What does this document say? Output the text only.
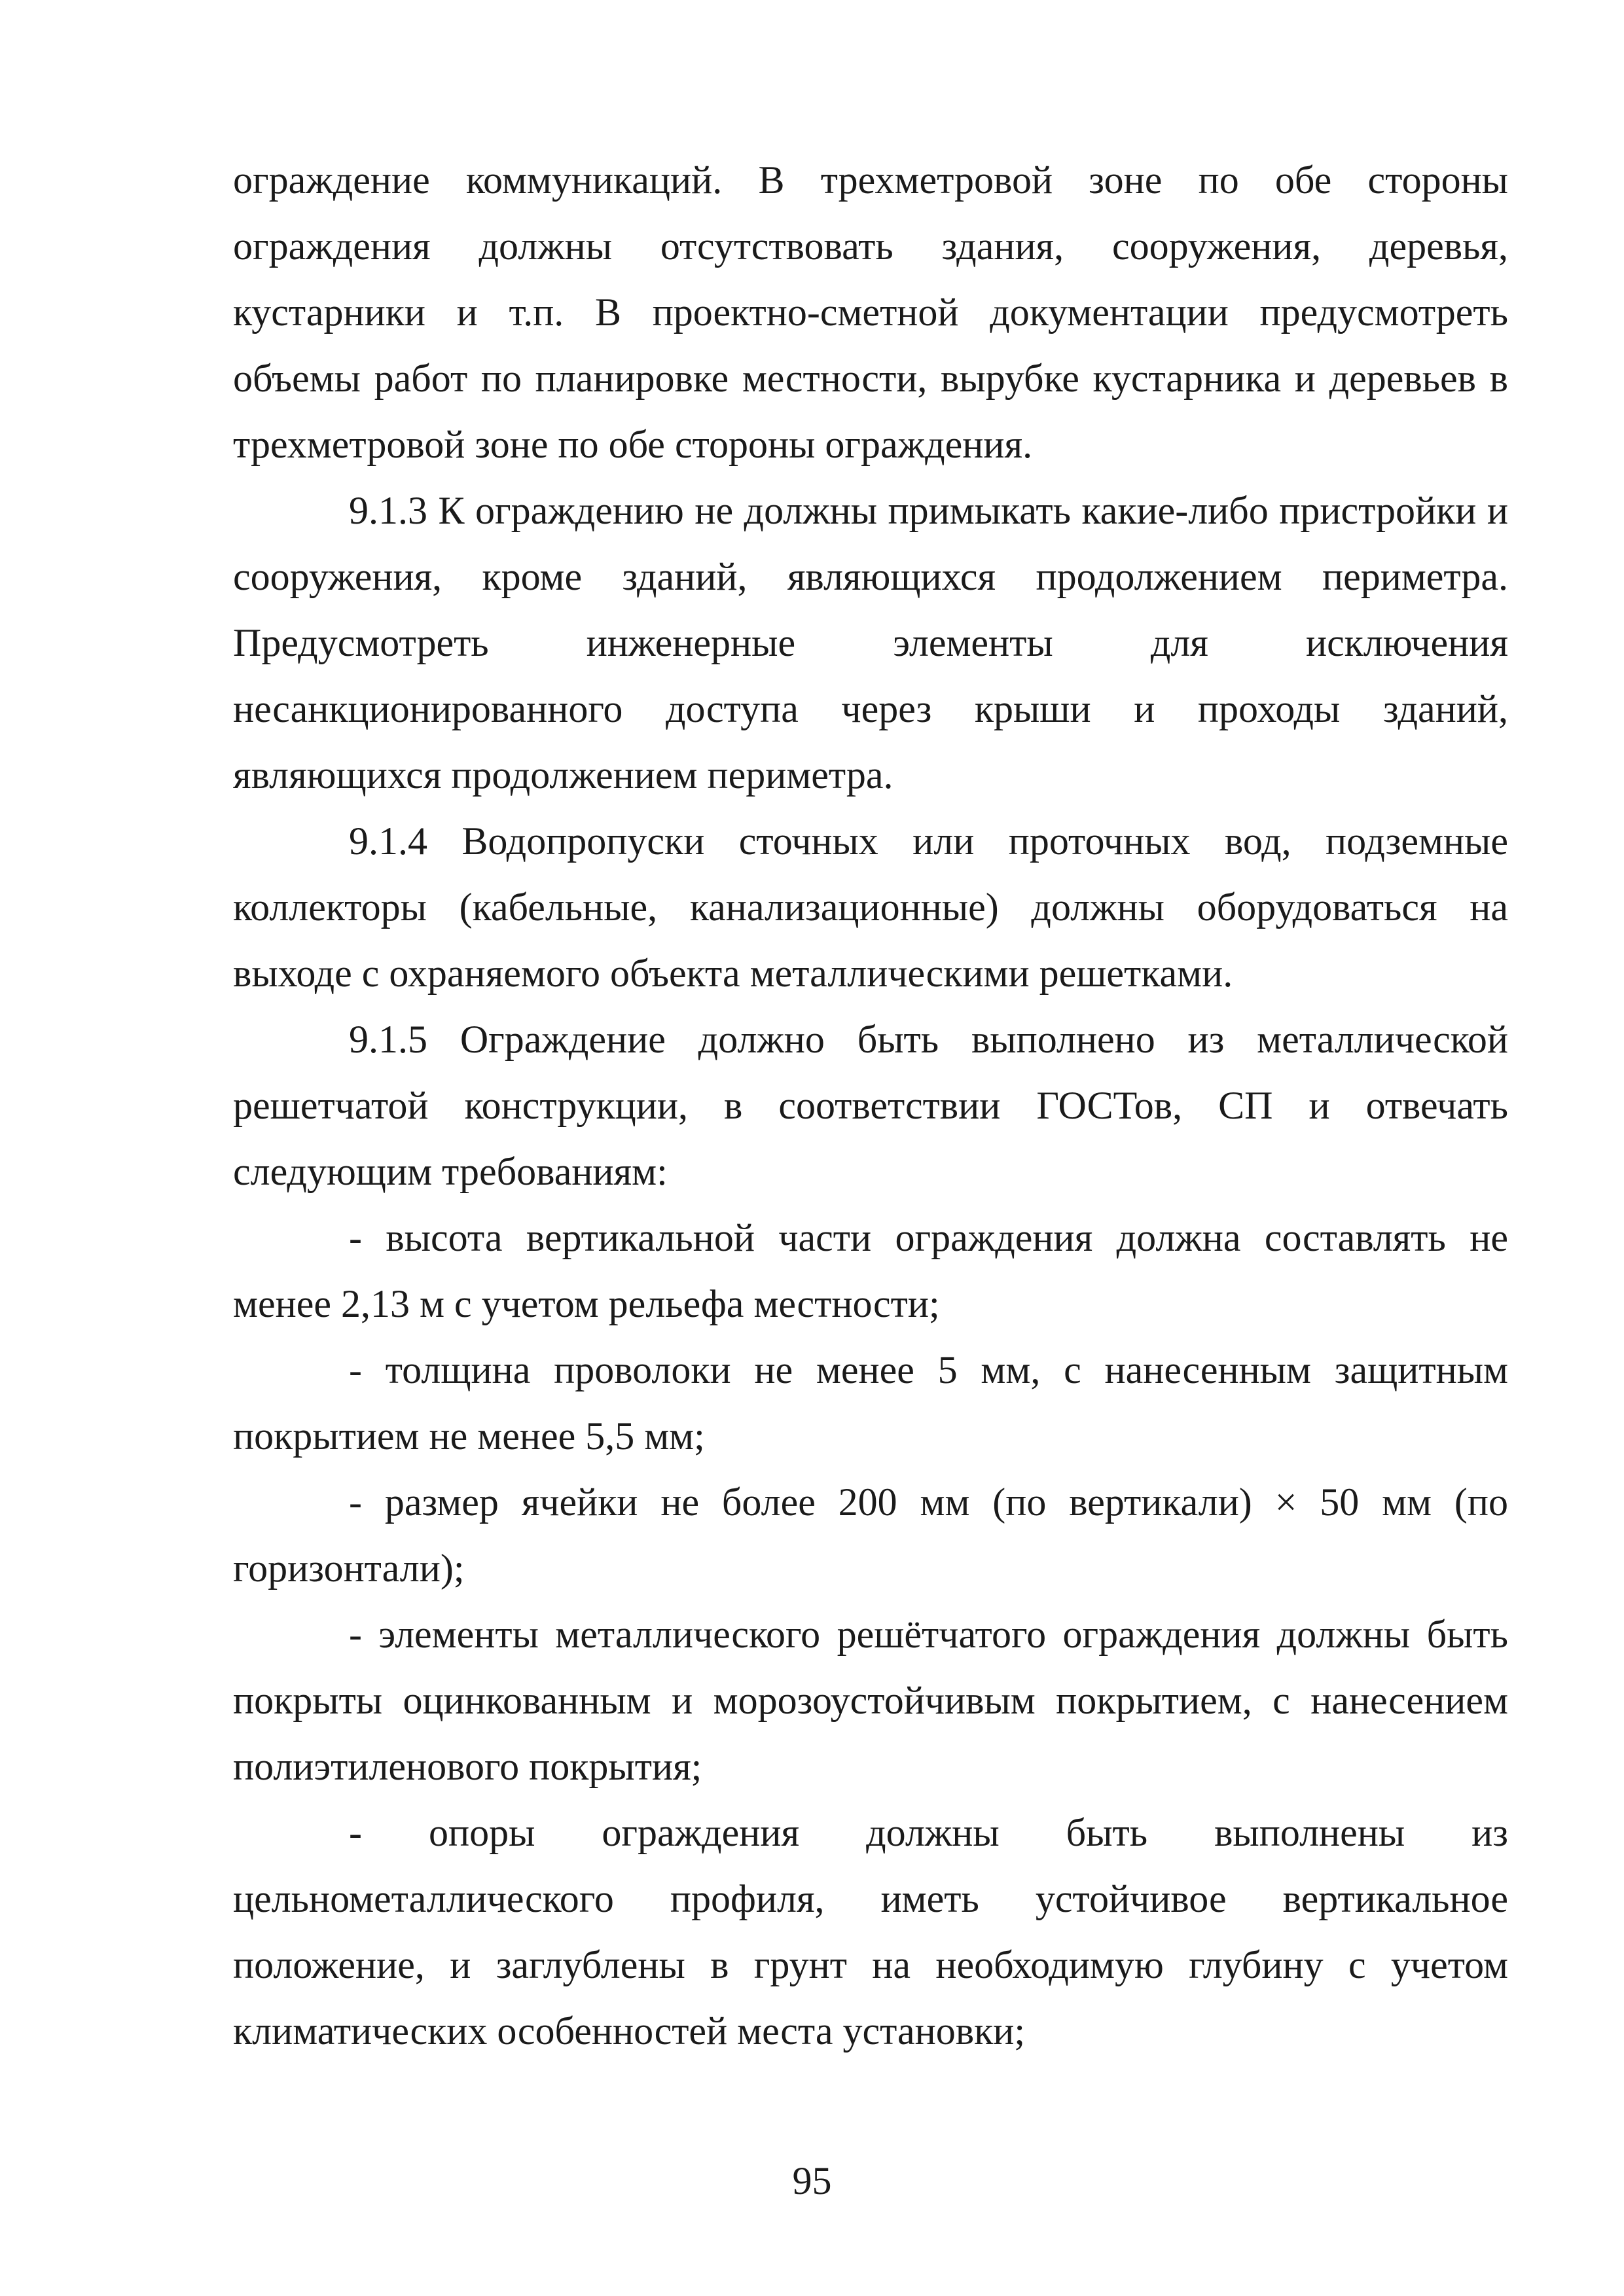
ограждение коммуникаций. В трехметровой зоне по обе стороны ограждения должны отсутствовать здания, сооружения, деревья, кустарники и т.п. В проектно-сметной документации предусмотреть объемы работ по планировке местности, вырубке кустарника и деревьев в трехметровой зоне по обе стороны ограждения.

9.1.3 К ограждению не должны примыкать какие-либо пристройки и сооружения, кроме зданий, являющихся продолжением периметра. Предусмотреть инженерные элементы для исключения несанкционированного доступа через крыши и проходы зданий, являющихся продолжением периметра.

9.1.4 Водопропуски сточных или проточных вод, подземные коллекторы (кабельные, канализационные) должны оборудоваться на выходе с охраняемого объекта металлическими решетками.

9.1.5 Ограждение должно быть выполнено из металлической решетчатой конструкции, в соответствии ГОСТов, СП и отвечать следующим требованиям:

- высота вертикальной части ограждения должна составлять не менее 2,13 м с учетом рельефа местности;

- толщина проволоки не менее 5 мм, с нанесенным защитным покрытием не менее 5,5 мм;

- размер ячейки не более 200 мм (по вертикали) × 50 мм (по горизонтали);

- элементы металлического решётчатого ограждения должны быть покрыты оцинкованным и морозоустойчивым покрытием, с нанесением полиэтиленового покрытия;

- опоры ограждения должны быть выполнены из цельнометаллического профиля, иметь устойчивое вертикальное положение, и заглублены в грунт на необходимую глубину с учетом климатических особенностей места установки;

95
